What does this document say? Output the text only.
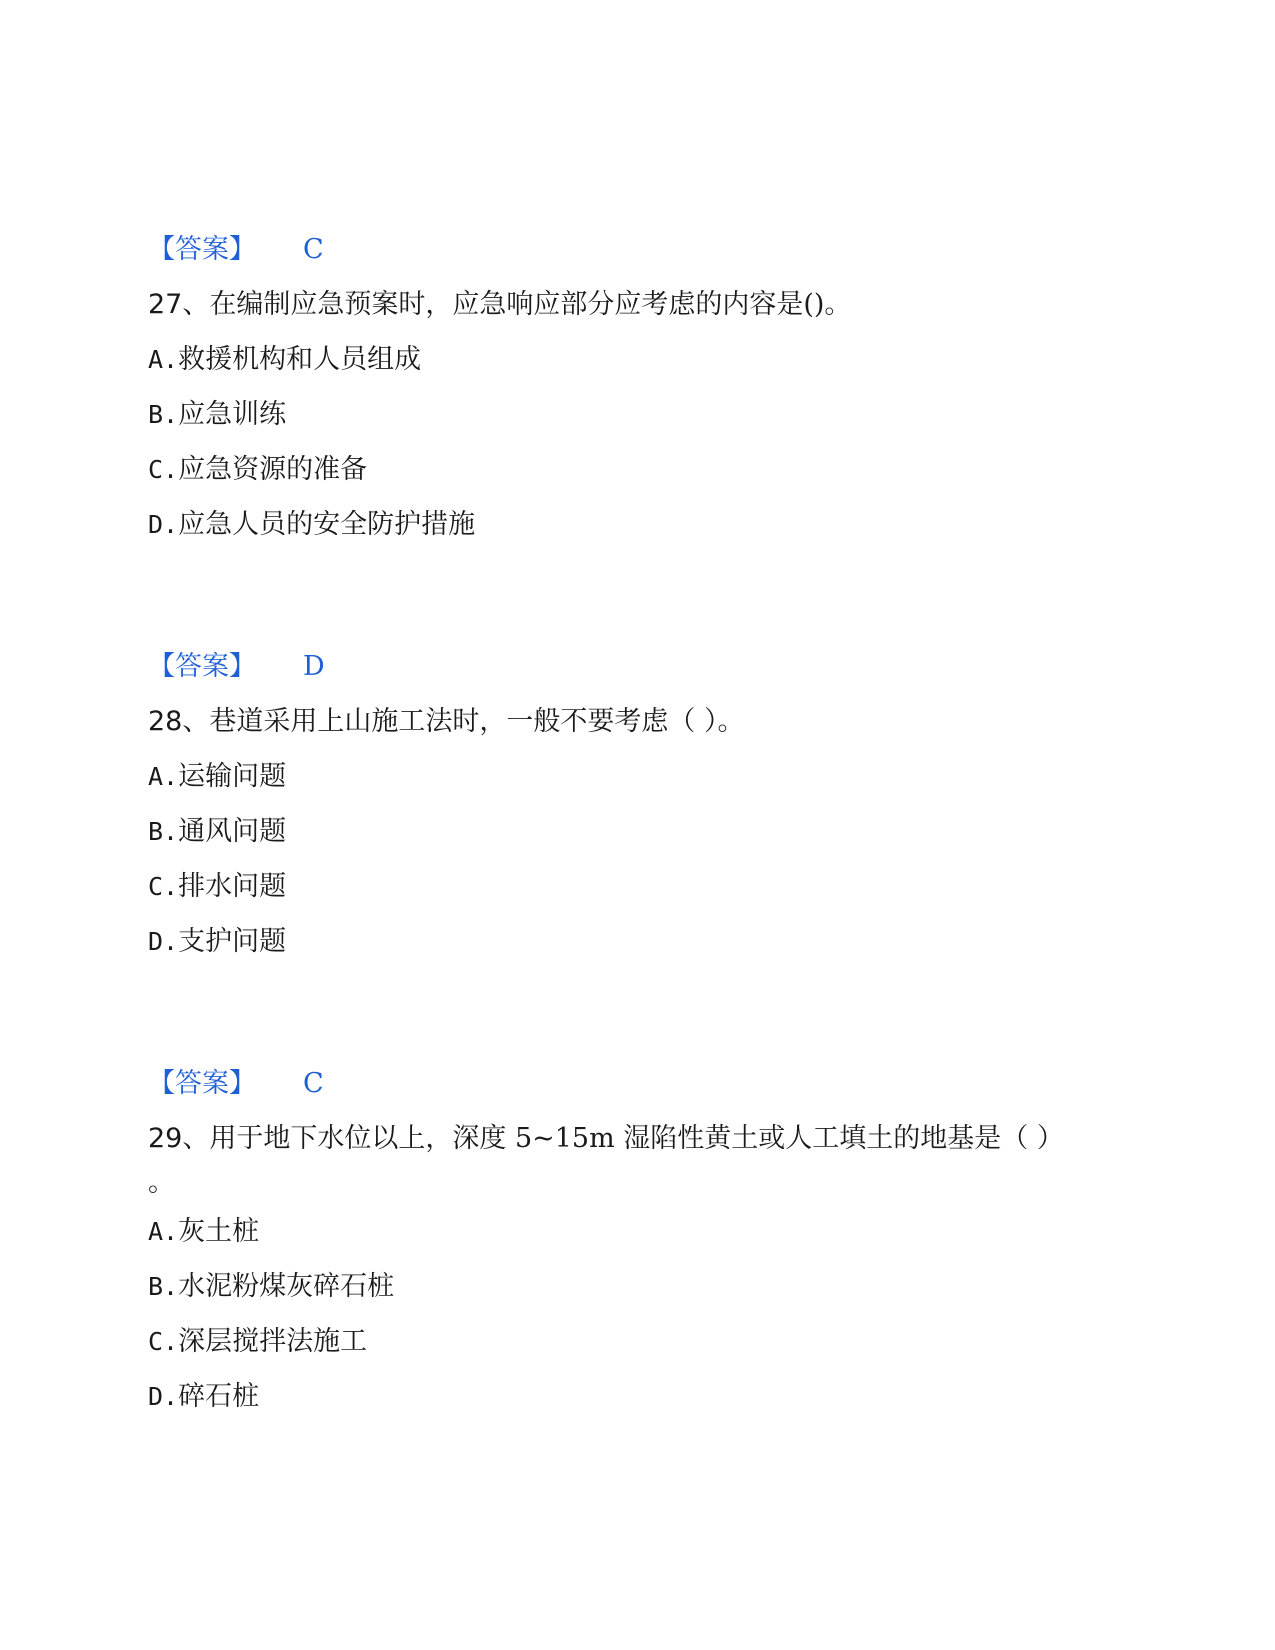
【答案】 C
27、在编制应急预案时，应急响应部分应考虑的内容是()。
A.救援机构和人员组成
B.应急训练
C.应急资源的准备
D.应急人员的安全防护措施
【答案】 D
28、巷道采用上山施工法时，一般不要考虑（ ）。
A.运输问题
B.通风问题
C.排水问题
D.支护问题
【答案】 C
29、用于地下水位以上，深度 5~15m 湿陷性黄土或人工填土的地基是（ ）
。
A.灰土桩
B.水泥粉煤灰碎石桩
C.深层搅拌法施工
D.碎石桩
